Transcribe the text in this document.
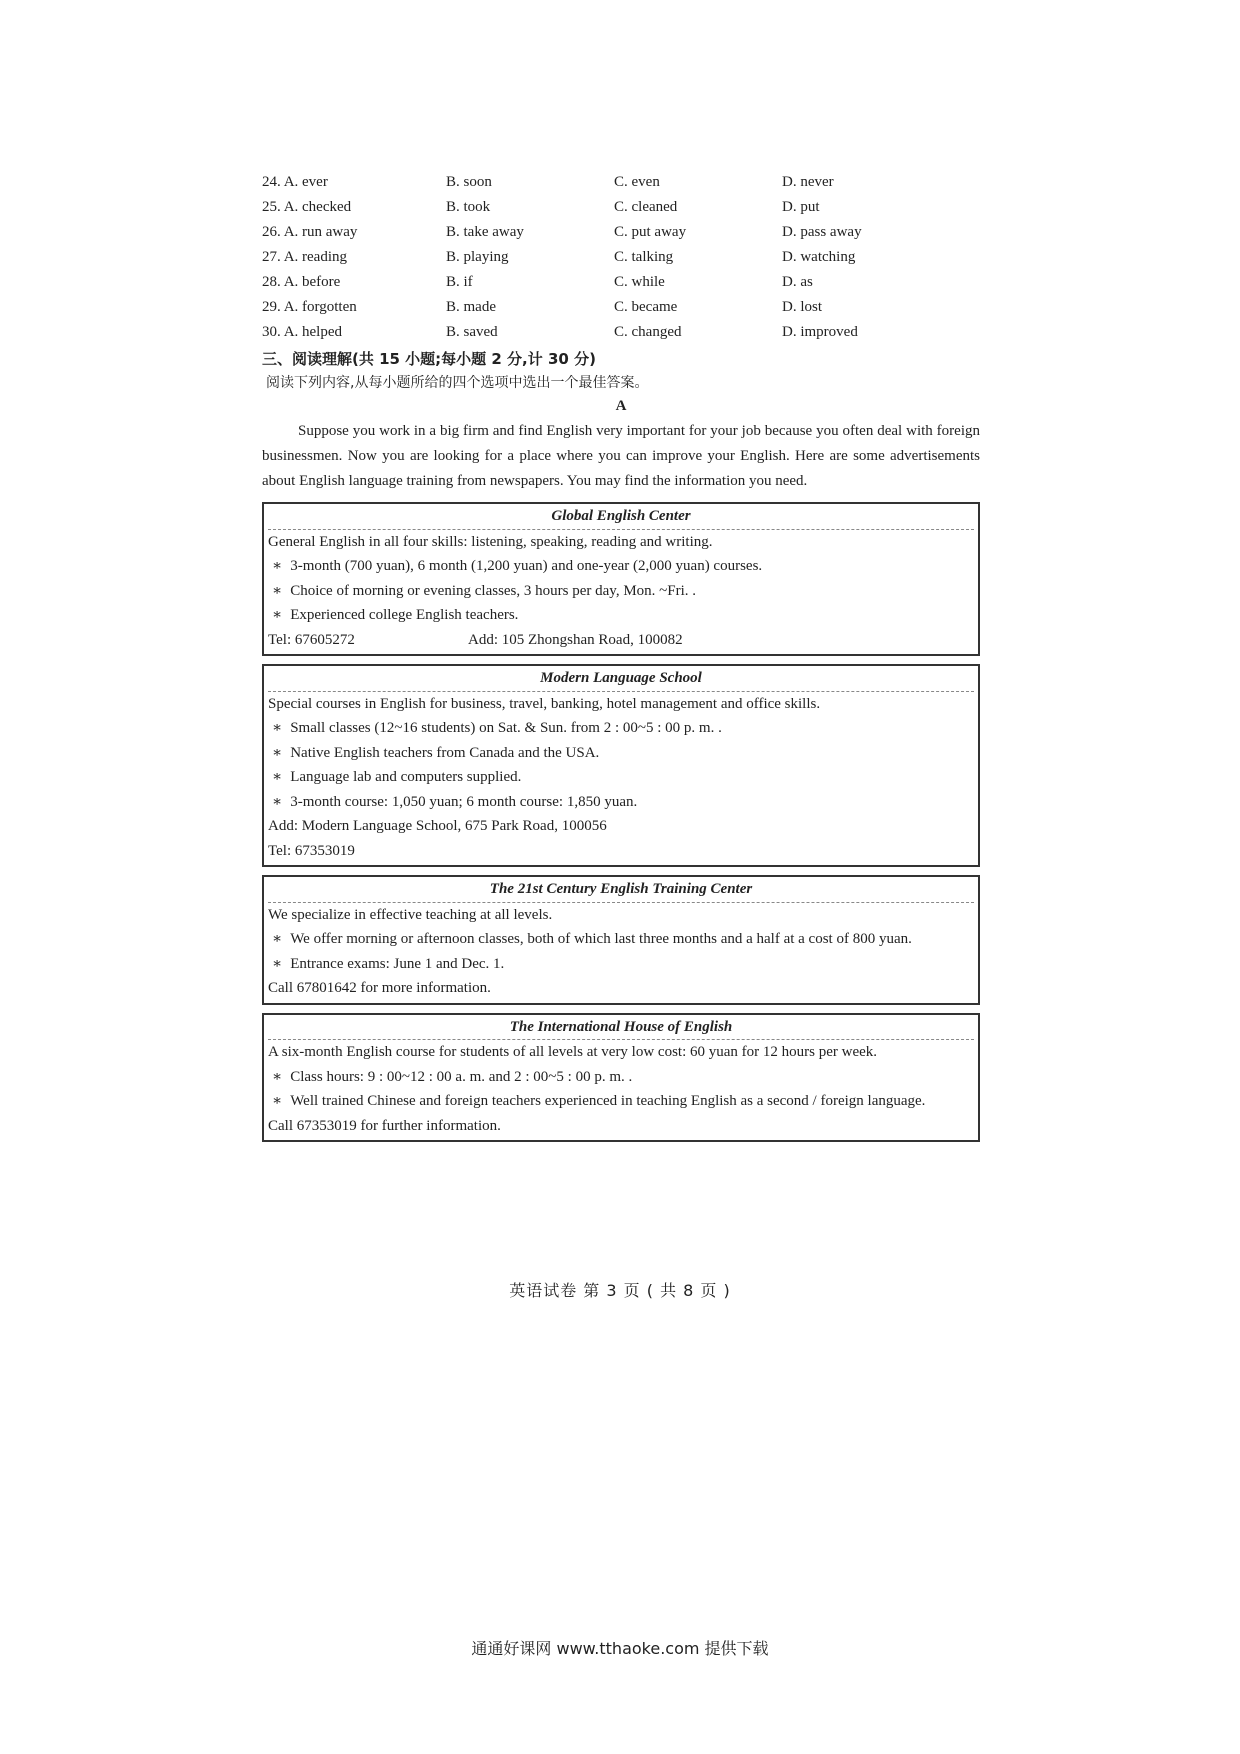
24. A. ever	B. soon	C. even	D. never
25. A. checked	B. took	C. cleaned	D. put
26. A. run away	B. take away	C. put away	D. pass away
27. A. reading	B. playing	C. talking	D. watching
28. A. before	B. if	C. while	D. as
29. A. forgotten	B. made	C. became	D. lost
30. A. helped	B. saved	C. changed	D. improved
三、阅读理解(共 15 小题;每小题 2 分,计 30 分)
阅读下列内容,从每小题所给的四个选项中选出一个最佳答案。
A
Suppose you work in a big firm and find English very important for your job because you often deal with foreign businessmen. Now you are looking for a place where you can improve your English. Here are some advertisements about English language training from newspapers. You may find the information you need.
Global English Center
General English in all four skills: listening, speaking, reading and writing.
∗ 3-month (700 yuan), 6 month (1,200 yuan) and one-year (2,000 yuan) courses.
∗ Choice of morning or evening classes, 3 hours per day, Mon. ~Fri. .
∗ Experienced college English teachers.
Tel: 67605272	Add: 105 Zhongshan Road, 100082
Modern Language School
Special courses in English for business, travel, banking, hotel management and office skills.
∗ Small classes (12~16 students) on Sat. & Sun. from 2 : 00~5 : 00 p. m. .
∗ Native English teachers from Canada and the USA.
∗ Language lab and computers supplied.
∗ 3-month course: 1,050 yuan; 6 month course: 1,850 yuan.
Add: Modern Language School, 675 Park Road, 100056
Tel: 67353019
The 21st Century English Training Center
We specialize in effective teaching at all levels.
∗ We offer morning or afternoon classes, both of which last three months and a half at a cost of 800 yuan.
∗ Entrance exams: June 1 and Dec. 1.
Call 67801642 for more information.
The International House of English
A six-month English course for students of all levels at very low cost: 60 yuan for 12 hours per week.
∗ Class hours: 9 : 00~12 : 00 a. m. and 2 : 00~5 : 00 p. m. .
∗ Well trained Chinese and foreign teachers experienced in teaching English as a second / foreign language.
Call 67353019 for further information.
英语试卷 第 3 页 ( 共 8 页 )
通通好课网 www.tthaoke.com 提供下载
